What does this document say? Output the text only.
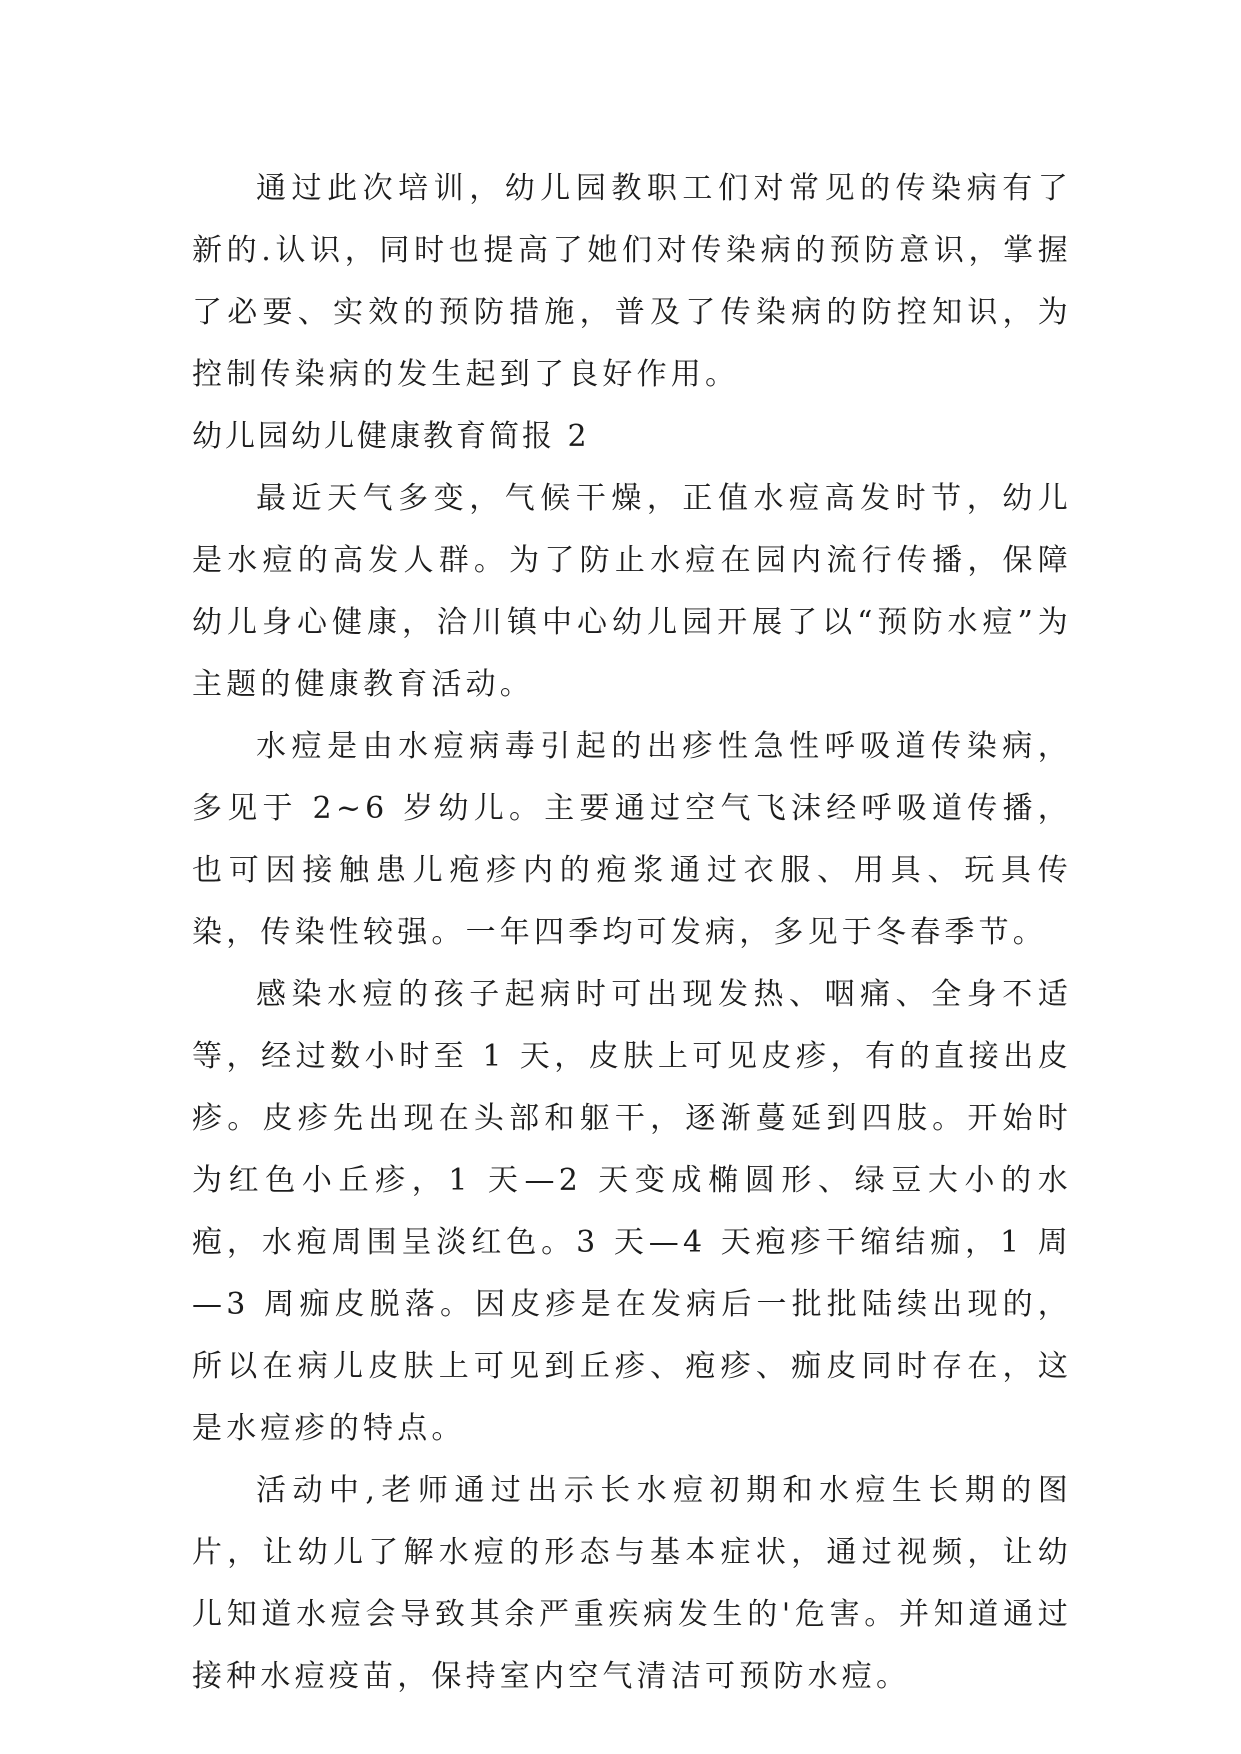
通过此次培训，幼儿园教职工们对常见的传染病有了新的.认识，同时也提高了她们对传染病的预防意识，掌握了必要、实效的预防措施，普及了传染病的防控知识，为控制传染病的发生起到了良好作用。

幼儿园幼儿健康教育简报 2

最近天气多变，气候干燥，正值水痘高发时节，幼儿是水痘的高发人群。为了防止水痘在园内流行传播，保障幼儿身心健康，洽川镇中心幼儿园开展了以“预防水痘”为主题的健康教育活动。

水痘是由水痘病毒引起的出疹性急性呼吸道传染病，多见于 2~6 岁幼儿。主要通过空气飞沫经呼吸道传播，也可因接触患儿疱疹内的疱浆通过衣服、用具、玩具传染，传染性较强。一年四季均可发病，多见于冬春季节。

感染水痘的孩子起病时可出现发热、咽痛、全身不适等，经过数小时至 1 天，皮肤上可见皮疹，有的直接出皮疹。皮疹先出现在头部和躯干，逐渐蔓延到四肢。开始时为红色小丘疹，1 天—2 天变成椭圆形、绿豆大小的水疱，水疱周围呈淡红色。3 天—4 天疱疹干缩结痂，1 周—3 周痂皮脱落。因皮疹是在发病后一批批陆续出现的，所以在病儿皮肤上可见到丘疹、疱疹、痂皮同时存在，这是水痘疹的特点。

活动中,老师通过出示长水痘初期和水痘生长期的图片，让幼儿了解水痘的形态与基本症状，通过视频，让幼儿知道水痘会导致其余严重疾病发生的'危害。并知道通过接种水痘疫苗，保持室内空气清洁可预防水痘。
